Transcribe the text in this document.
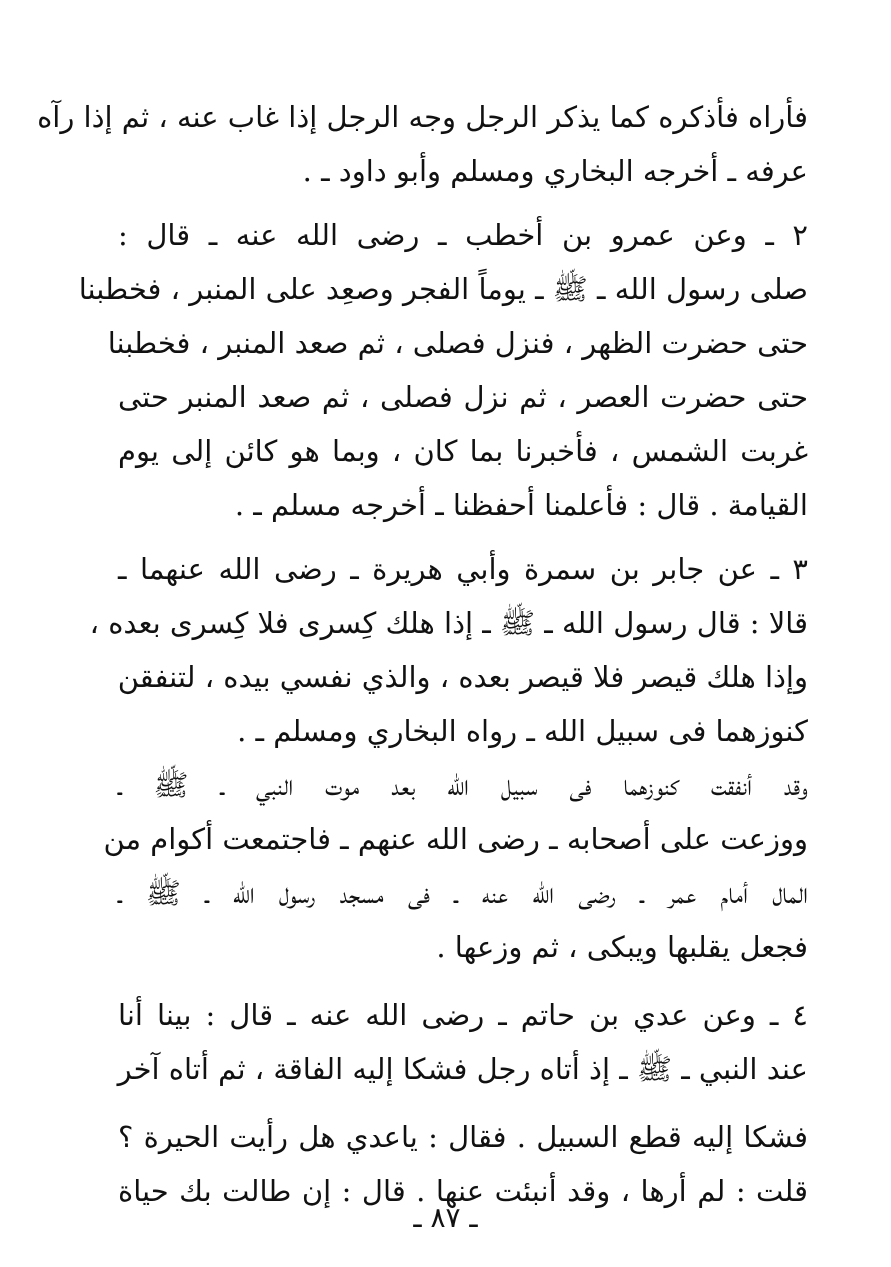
فأراه فأذكره كما يذكر الرجل وجه الرجل إذا غاب عنه ، ثم إذا رآه
عرفه ـ أخرجه البخاري ومسلم وأبو داود ـ .
٢ ـ وعن عمرو بن أخطب ـ رضى الله عنه ـ قال :
صلى رسول الله ـ ﷺ ـ يوماً الفجر وصعِد على المنبر ، فخطبنا
حتى حضرت الظهر ، فنزل فصلى ، ثم صعد المنبر ، فخطبنا
حتى حضرت العصر ، ثم نزل فصلى ، ثم صعد المنبر حتى
غربت الشمس ، فأخبرنا بما كان ، وبما هو كائن إلى يوم
القيامة . قال : فأعلمنا أحفظنا ـ أخرجه مسلم ـ .
٣ ـ عن جابر بن سمرة وأبي هريرة ـ رضى الله عنهما ـ
قالا : قال رسول الله ـ ﷺ ـ إذا هلك كِسرى فلا كِسرى بعده ،
وإذا هلك قيصر فلا قيصر بعده ، والذي نفسي بيده ، لتنفقن
كنوزهما فى سبيل الله ـ رواه البخاري ومسلم ـ .
وقد أنفقت كنوزهما فى سبيل الله بعد موت النبي ـ ﷺ ـ
ووزعت على أصحابه ـ رضى الله عنهم ـ فاجتمعت أكوام من
المال أمام عمر ـ رضى الله عنه ـ فى مسجد رسول الله ـ ﷺ ـ
فجعل يقلبها ويبكى ، ثم وزعها .
٤ ـ وعن عدي بن حاتم ـ رضى الله عنه ـ قال : بينا أنا
عند النبي ـ ﷺ ـ إذ أتاه رجل فشكا إليه الفاقة ، ثم أتاه آخر
فشكا إليه قطع السبيل . فقال : ياعدي هل رأيت الحيرة ؟
قلت : لم أرها ، وقد أنبئت عنها . قال : إن طالت بك حياة
ـ ٨٧ ـ
